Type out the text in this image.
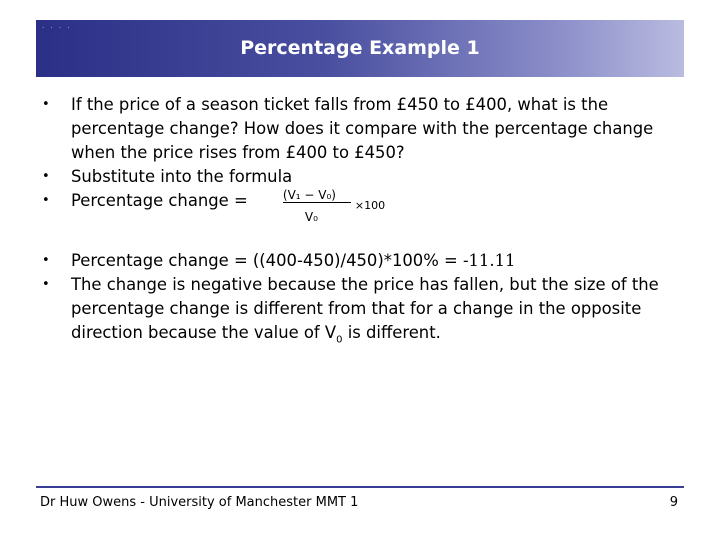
. . . .
Percentage Example 1
• If the price of a season ticket falls from £450 to £400, what is the percentage change? How does it compare with the percentage change when the price rises from £400 to £450?
• Substitute into the formula
• Percentage change =	(V₁ − V₀)
V₀
×100
• Percentage change = ((400-450)/450)*100% = -11.11
• The change is negative because the price has fallen, but the size of the percentage change is different from that for a change in the opposite direction because the value of $V_0$ is different.
Dr Huw Owens - University of Manchester MMT 1	9
